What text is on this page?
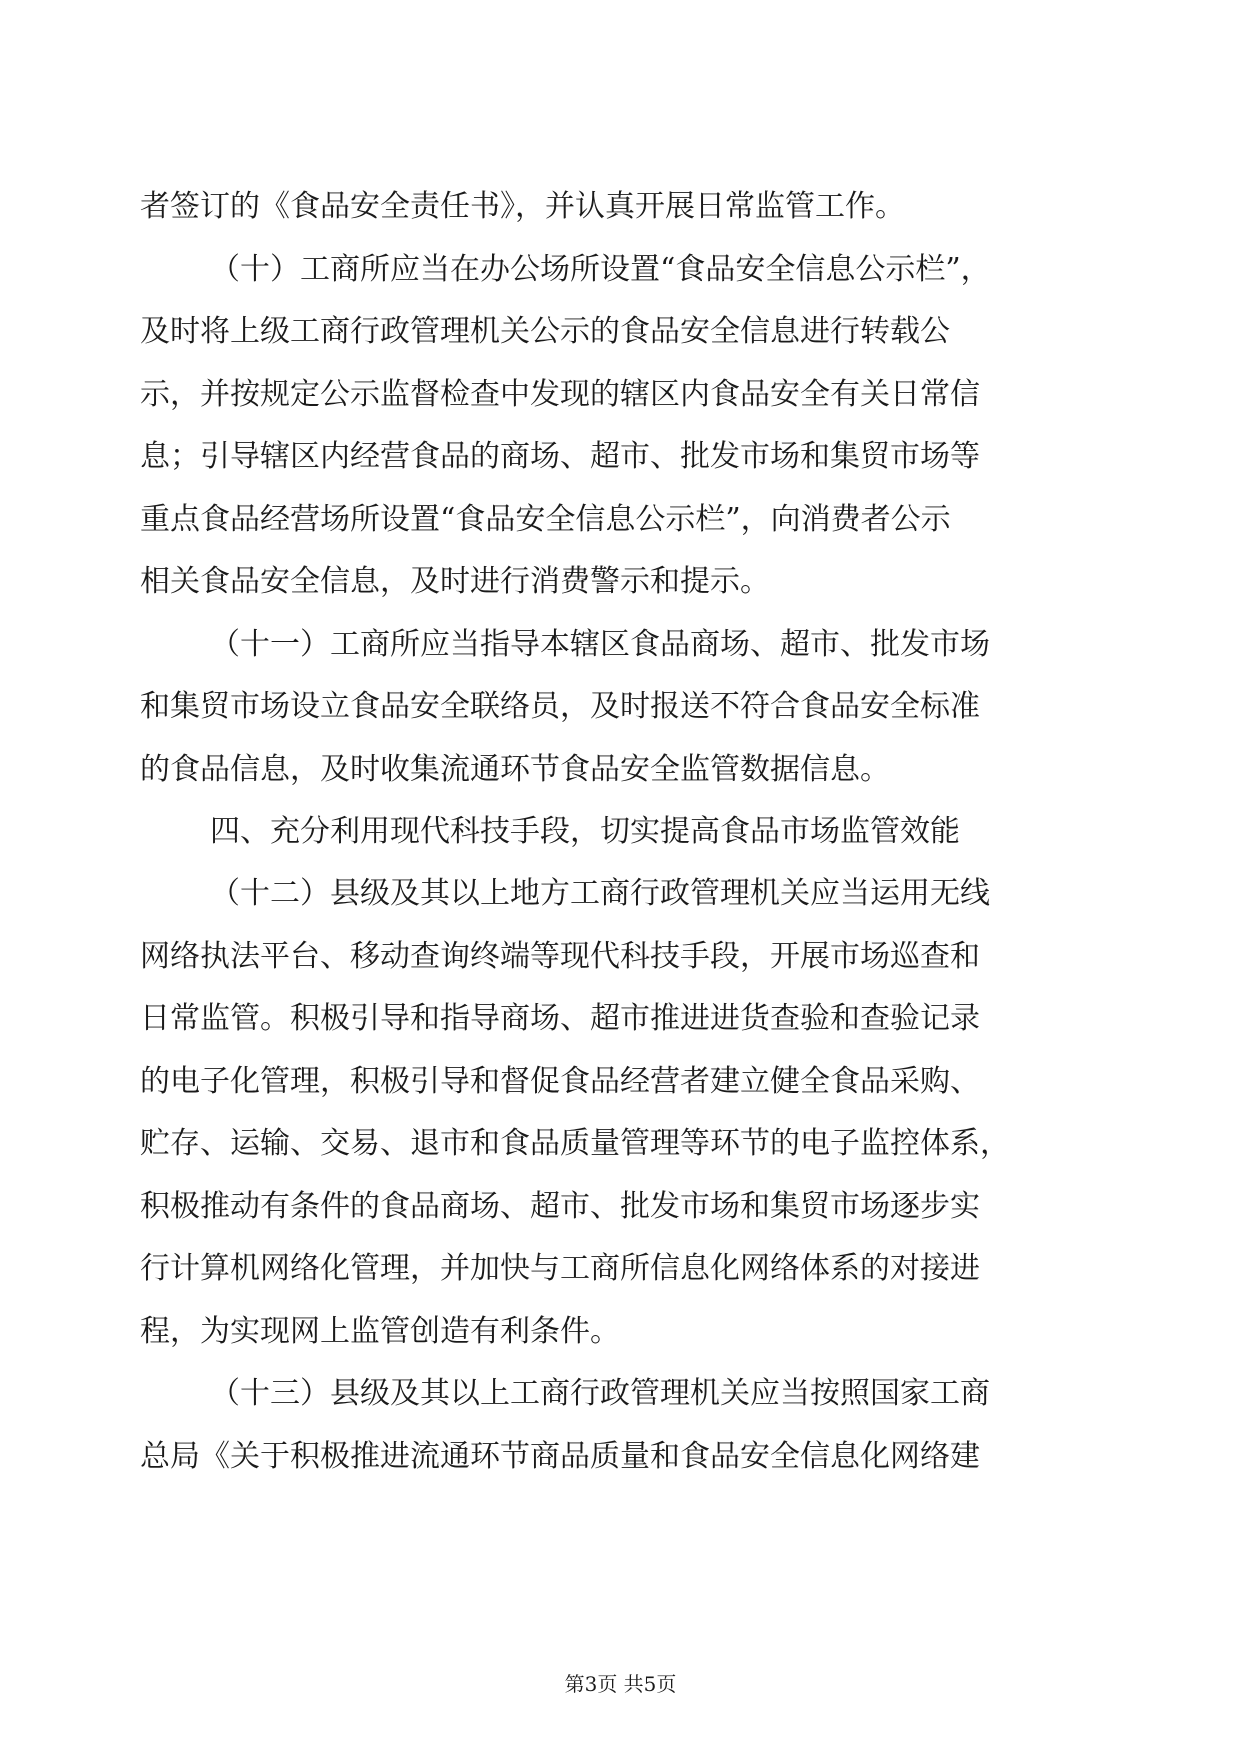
者签订的《食品安全责任书》，并认真开展日常监管工作。
（十）工商所应当在办公场所设置“食品安全信息公示栏”，
及时将上级工商行政管理机关公示的食品安全信息进行转载公
示，并按规定公示监督检查中发现的辖区内食品安全有关日常信
息；引导辖区内经营食品的商场、超市、批发市场和集贸市场等
重点食品经营场所设置“食品安全信息公示栏”，向消费者公示
相关食品安全信息，及时进行消费警示和提示。
（十一）工商所应当指导本辖区食品商场、超市、批发市场
和集贸市场设立食品安全联络员，及时报送不符合食品安全标准
的食品信息，及时收集流通环节食品安全监管数据信息。
四、充分利用现代科技手段，切实提高食品市场监管效能
（十二）县级及其以上地方工商行政管理机关应当运用无线
网络执法平台、移动查询终端等现代科技手段，开展市场巡查和
日常监管。积极引导和指导商场、超市推进进货查验和查验记录
的电子化管理，积极引导和督促食品经营者建立健全食品采购、
贮存、运输、交易、退市和食品质量管理等环节的电子监控体系，
积极推动有条件的食品商场、超市、批发市场和集贸市场逐步实
行计算机网络化管理，并加快与工商所信息化网络体系的对接进
程，为实现网上监管创造有利条件。
（十三）县级及其以上工商行政管理机关应当按照国家工商
总局《关于积极推进流通环节商品质量和食品安全信息化网络建
第3页 共5页
